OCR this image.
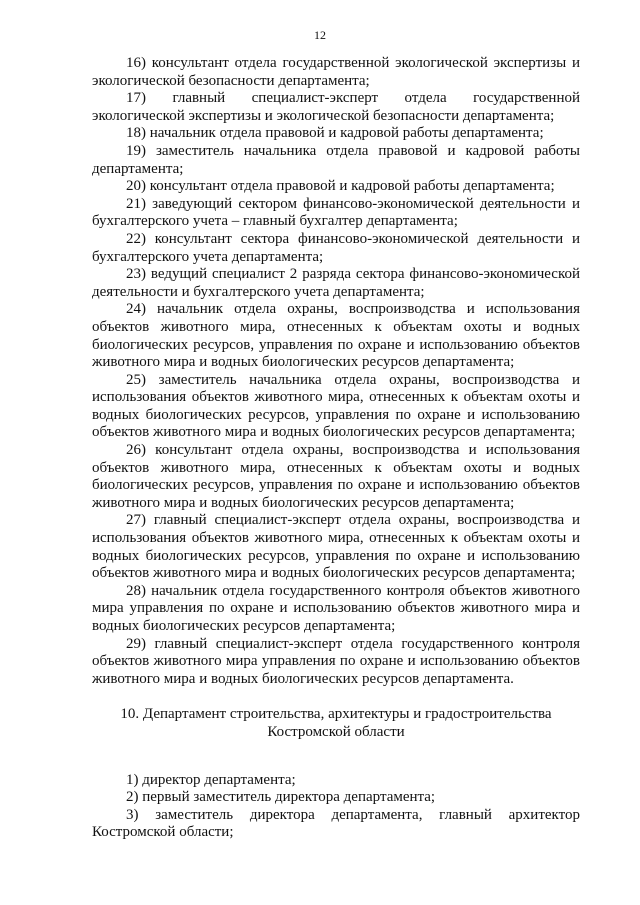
12

16) консультант отдела государственной экологической экспертизы и экологической безопасности департамента;

17) главный специалист-эксперт отдела государственной экологической экспертизы и экологической безопасности департамента;

18) начальник отдела правовой и кадровой работы департамента;

19) заместитель начальника отдела правовой и кадровой работы департамента;

20) консультант отдела правовой и кадровой работы департамента;

21) заведующий сектором финансово-экономической деятельности и бухгалтерского учета – главный бухгалтер департамента;

22) консультант сектора финансово-экономической деятельности и бухгалтерского учета департамента;

23) ведущий специалист 2 разряда сектора финансово-экономической деятельности и бухгалтерского учета департамента;

24) начальник отдела охраны, воспроизводства и использования объектов животного мира, отнесенных к объектам охоты и водных биологических ресурсов, управления по охране и использованию объектов животного мира и водных биологических ресурсов департамента;

25) заместитель начальника отдела охраны, воспроизводства и использования объектов животного мира, отнесенных к объектам охоты и водных биологических ресурсов, управления по охране и использованию объектов животного мира и водных биологических ресурсов департамента;

26) консультант отдела охраны, воспроизводства и использования объектов животного мира, отнесенных к объектам охоты и водных биологических ресурсов, управления по охране и использованию объектов животного мира и водных биологических ресурсов департамента;

27) главный специалист-эксперт отдела охраны, воспроизводства и использования объектов животного мира, отнесенных к объектам охоты и водных биологических ресурсов, управления по охране и использованию объектов животного мира и водных биологических ресурсов департамента;

28) начальник отдела государственного контроля объектов животного мира управления по охране и использованию объектов животного мира и водных биологических ресурсов департамента;

29) главный специалист-эксперт отдела государственного контроля объектов животного мира управления по охране и использованию объектов животного мира и водных биологических ресурсов департамента.

10. Департамент строительства, архитектуры и градостроительства
Костромской области

1) директор департамента;

2) первый заместитель директора департамента;

3) заместитель директора департамента, главный архитектор Костромской области;
